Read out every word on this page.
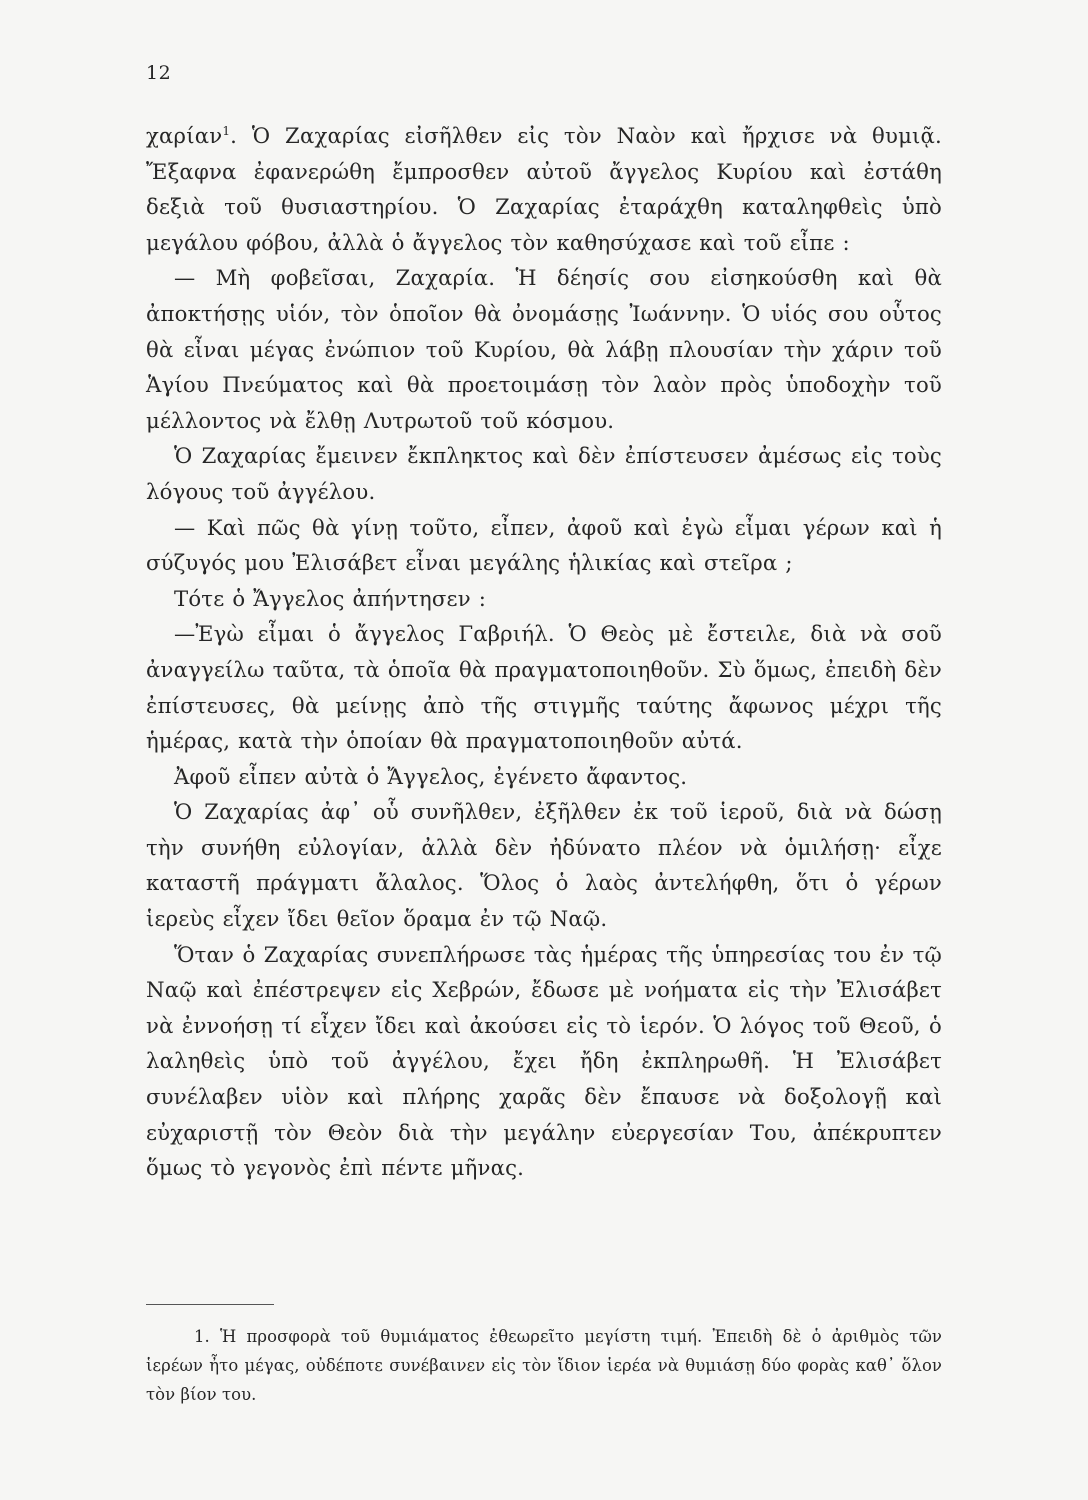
12

χαρίαν$^1$. Ὁ Ζαχαρίας εἰσῆλθεν εἰς τὸν Ναὸν καὶ ἤρχισε νὰ θυμιᾷ. Ἔξαφνα ἐφανερώθη ἔμπροσθεν αὐτοῦ ἄγγελος Κυρίου καὶ ἐστάθη δεξιὰ τοῦ θυσιαστηρίου. Ὁ Ζαχαρίας ἐταράχθη καταληφθεὶς ὑπὸ μεγάλου φόβου, ἀλλὰ ὁ ἄγγελος τὸν καθησύχασε καὶ τοῦ εἶπε :

— Μὴ φοβεῖσαι, Ζαχαρία. Ἡ δέησίς σου εἰσηκούσθη καὶ θὰ ἀποκτήσῃς υἱόν, τὸν ὁποῖον θὰ ὀνομάσῃς Ἰωάννην. Ὁ υἱός σου οὗτος θὰ εἶναι μέγας ἐνώπιον τοῦ Κυρίου, θὰ λάβῃ πλουσίαν τὴν χάριν τοῦ Ἁγίου Πνεύματος καὶ θὰ προετοιμάσῃ τὸν λαὸν πρὸς ὑποδοχὴν τοῦ μέλλοντος νὰ ἔλθῃ Λυτρωτοῦ τοῦ κόσμου.

Ὁ Ζαχαρίας ἔμεινεν ἔκπληκτος καὶ δὲν ἐπίστευσεν ἀμέσως εἰς τοὺς λόγους τοῦ ἀγγέλου.

— Καὶ πῶς θὰ γίνῃ τοῦτο, εἶπεν, ἀφοῦ καὶ ἐγὼ εἶμαι γέρων καὶ ἡ σύζυγός μου Ἐλισάβετ εἶναι μεγάλης ἡλικίας καὶ στεῖρα ;

Τότε ὁ Ἄγγελος ἀπήντησεν :

—Ἐγὼ εἶμαι ὁ ἄγγελος Γαβριήλ. Ὁ Θεὸς μὲ ἔστειλε, διὰ νὰ σοῦ ἀναγγείλω ταῦτα, τὰ ὁποῖα θὰ πραγματοποιηθοῦν. Σὺ ὅμως, ἐπειδὴ δὲν ἐπίστευσες, θὰ μείνῃς ἀπὸ τῆς στιγμῆς ταύτης ἄφωνος μέχρι τῆς ἡμέρας, κατὰ τὴν ὁποίαν θὰ πραγματοποιηθοῦν αὐτά.

Ἀφοῦ εἶπεν αὐτὰ ὁ Ἄγγελος, ἐγένετο ἄφαντος.

Ὁ Ζαχαρίας ἀφ᾽ οὗ συνῆλθεν, ἐξῆλθεν ἐκ τοῦ ἱεροῦ, διὰ νὰ δώσῃ τὴν συνήθη εὐλογίαν, ἀλλὰ δὲν ἠδύνατο πλέον νὰ ὁμιλήσῃ· εἶχε καταστῆ πράγματι ἄλαλος. Ὅλος ὁ λαὸς ἀντελήφθη, ὅτι ὁ γέρων ἱερεὺς εἶχεν ἴδει θεῖον ὅραμα ἐν τῷ Ναῷ.

Ὅταν ὁ Ζαχαρίας συνεπλήρωσε τὰς ἡμέρας τῆς ὑπηρεσίας του ἐν τῷ Ναῷ καὶ ἐπέστρεψεν εἰς Χεβρών, ἔδωσε μὲ νοήματα εἰς τὴν Ἐλισάβετ νὰ ἐννοήσῃ τί εἶχεν ἴδει καὶ ἀκούσει εἰς τὸ ἱερόν. Ὁ λόγος τοῦ Θεοῦ, ὁ λαληθεὶς ὑπὸ τοῦ ἀγγέλου, ἔχει ἤδη ἐκπληρωθῆ. Ἡ Ἐλισάβετ συνέλαβεν υἱὸν καὶ πλήρης χαρᾶς δὲν ἔπαυσε νὰ δοξολογῇ καὶ εὐχαριστῇ τὸν Θεὸν διὰ τὴν μεγάλην εὐεργεσίαν Του, ἀπέκρυπτεν ὅμως τὸ γεγονὸς ἐπὶ πέντε μῆνας.

1. Ἡ προσφορὰ τοῦ θυμιάματος ἐθεωρεῖτο μεγίστη τιμή. Ἐπειδὴ δὲ ὁ ἀριθμὸς τῶν ἱερέων ἦτο μέγας, οὐδέποτε συνέβαινεν εἰς τὸν ἴδιον ἱερέα νὰ θυμιάσῃ δύο φορὰς καθ᾽ ὅλον τὸν βίον του.
